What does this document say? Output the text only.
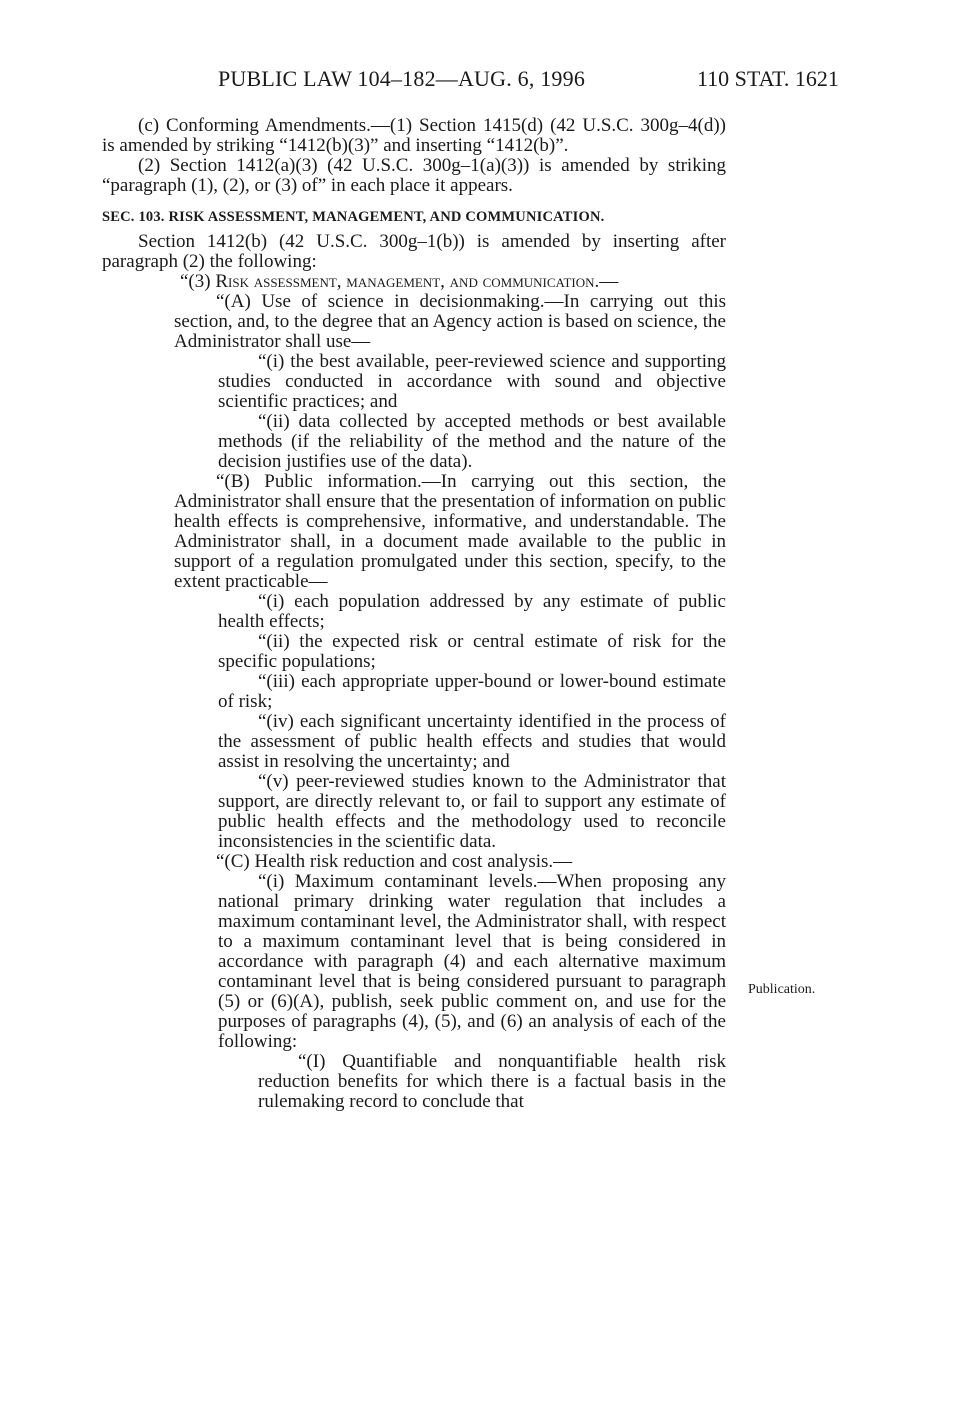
PUBLIC LAW 104–182—AUG. 6, 1996	110 STAT. 1621

(c) Conforming Amendments.—(1) Section 1415(d) (42 U.S.C. 300g–4(d)) is amended by striking “1412(b)(3)” and inserting “1412(b)”.

(2) Section 1412(a)(3) (42 U.S.C. 300g–1(a)(3)) is amended by striking “paragraph (1), (2), or (3) of” in each place it appears.

SEC. 103. RISK ASSESSMENT, MANAGEMENT, AND COMMUNICATION.

Section 1412(b) (42 U.S.C. 300g–1(b)) is amended by inserting after paragraph (2) the following:

“(3) Risk assessment, management, and communication.—

“(A) Use of science in decisionmaking.—In carrying out this section, and, to the degree that an Agency action is based on science, the Administrator shall use—

“(i) the best available, peer-reviewed science and supporting studies conducted in accordance with sound and objective scientific practices; and

“(ii) data collected by accepted methods or best available methods (if the reliability of the method and the nature of the decision justifies use of the data).

“(B) Public information.—In carrying out this section, the Administrator shall ensure that the presentation of information on public health effects is comprehensive, informative, and understandable. The Administrator shall, in a document made available to the public in support of a regulation promulgated under this section, specify, to the extent practicable—

“(i) each population addressed by any estimate of public health effects;

“(ii) the expected risk or central estimate of risk for the specific populations;

“(iii) each appropriate upper-bound or lower-bound estimate of risk;

“(iv) each significant uncertainty identified in the process of the assessment of public health effects and studies that would assist in resolving the uncertainty; and

“(v) peer-reviewed studies known to the Administrator that support, are directly relevant to, or fail to support any estimate of public health effects and the methodology used to reconcile inconsistencies in the scientific data.

“(C) Health risk reduction and cost analysis.—

“(i) Maximum contaminant levels.—When proposing any national primary drinking water regulation that includes a maximum contaminant level, the Administrator shall, with respect to a maximum contaminant level that is being considered in accordance with paragraph (4) and each alternative maximum contaminant level that is being considered pursuant to paragraph (5) or (6)(A), publish, seek public comment on, and use for the purposes of paragraphs (4), (5), and (6) an analysis of each of the following:

“(I) Quantifiable and nonquantifiable health risk reduction benefits for which there is a factual basis in the rulemaking record to conclude that

Publication.
